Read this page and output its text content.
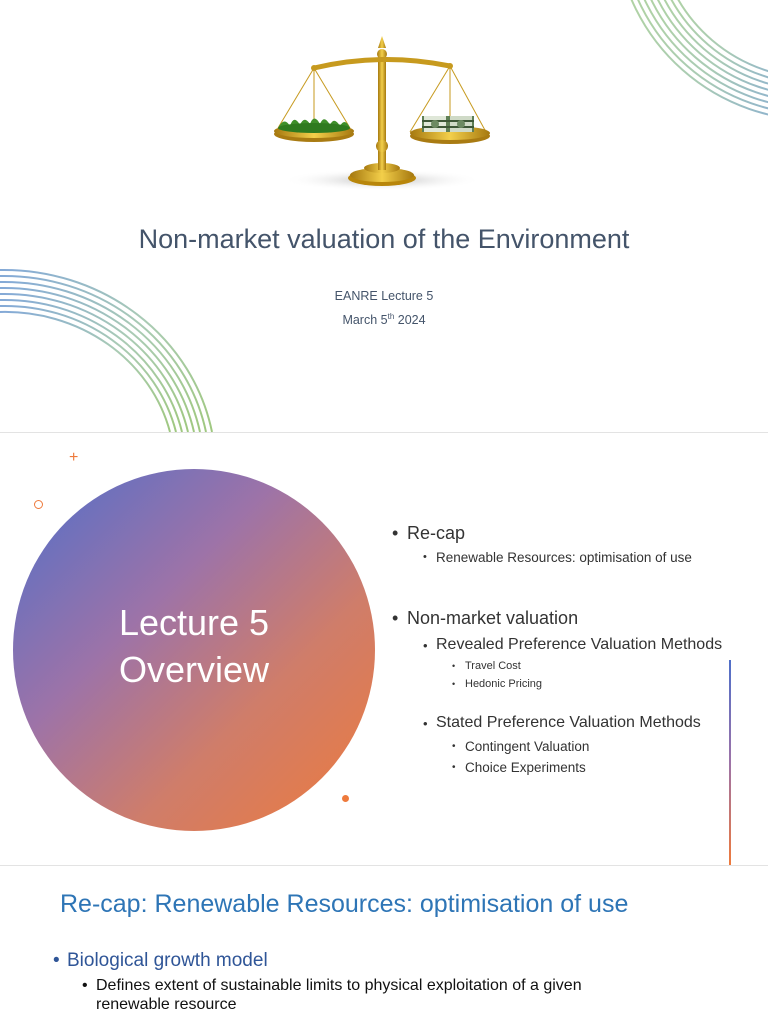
Non-market valuation of the Environment
EANRE Lecture 5
March 5th 2024
+
Lecture 5
Overview
• Re-cap
• Renewable Resources: optimisation of use
• Non-market valuation
• Revealed Preference Valuation Methods
• Travel Cost
• Hedonic Pricing
• Stated Preference Valuation Methods
• Contingent Valuation
• Choice Experiments
Re-cap: Renewable Resources: optimisation of use
• Biological growth model
• Defines extent of sustainable limits to physical exploitation of a given renewable resource
